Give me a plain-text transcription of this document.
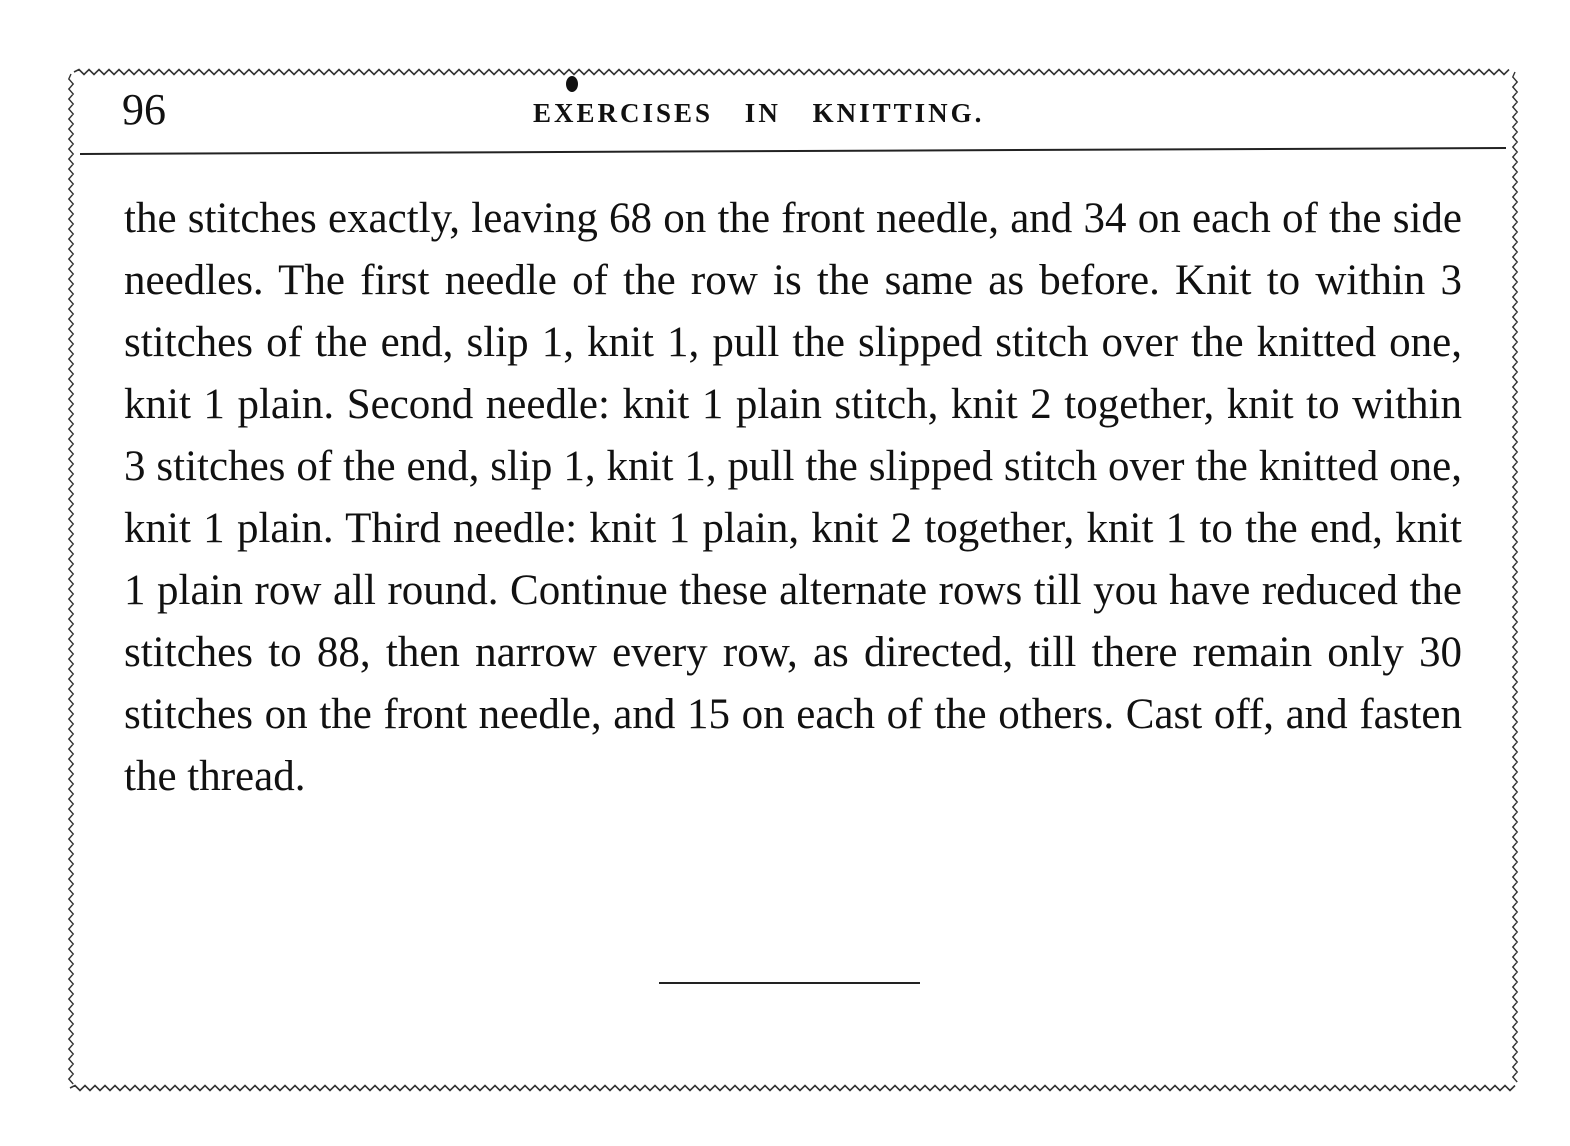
96	EXERCISES IN KNITTING.
the stitches exactly, leaving 68 on the front needle, and 34 on each of the side needles. The first needle of the row is the same as before. Knit to within 3 stitches of the end, slip 1, knit 1, pull the slipped stitch over the knitted one, knit 1 plain. Second needle: knit 1 plain stitch, knit 2 together, knit to within 3 stitches of the end, slip 1, knit 1, pull the slipped stitch over the knitted one, knit 1 plain. Third needle: knit 1 plain, knit 2 together, knit 1 to the end, knit 1 plain row all round. Continue these alternate rows till you have reduced the stitches to 88, then narrow every row, as directed, till there remain only 30 stitches on the front needle, and 15 on each of the others. Cast off, and fasten the thread.
